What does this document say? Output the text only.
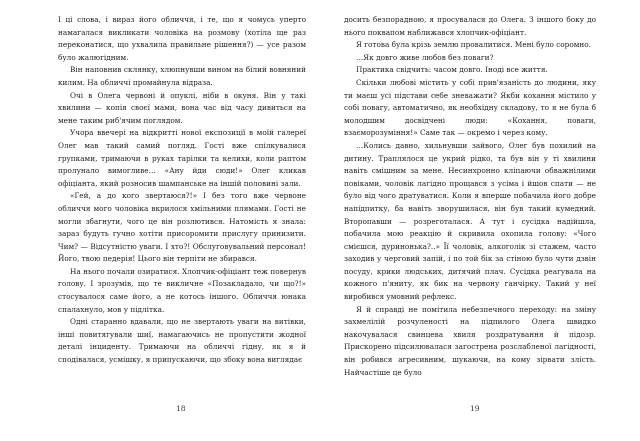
І ці слова, і вираз його обличчя, і те, що я чомусь уперто намагалася викликати чоловіка на розмову (хотіла ще раз переконатися, що ухвалила правильне рішення?) — усе разом було жалюгідним.

Він наповнив склянку, хлюпнувши вином на білий вовняний килим. На обличчі промайнула відраза.

Очі в Олега червоні й опуклі, ніби в окуня. Він у такі хвилини — копія своєї мами, вона час від часу дивиться на мене таким риб'ячим поглядом.

Учора ввечері на відкритті нової експозиції в моїй галереї Олег мав такий самий погляд. Гості вже спілкувалися групками, тримаючи в руках тарілки та келихи, коли раптом пролунало вимогливе… «Ану йди сюди!» Олег кликав офіціанта, який розносив шампанське на іншій половині зали.

«Гей, а до кого звертаюся?!» І без того вже червоне обличчя мого чоловіка вкрилося хмільними плямами. Гості не могли збагнути, чого це він розлютився. Натомість я знала: зараз будуть гучно хотіти присоромити прислугу принизити. Чим? — Відсутністю уваги. І хто?! Обслуговувальний персонал! Його, твою педерія! Цього він терпіти не збирався.

На нього почали озиратися. Хлопчик-офіціант теж повернув голову. І зрозумів, що те викличне «Позакладало, чи що?!» стосувалося саме його, а не котось іншого. Обличчя юнака спалахнуло, мов у підлітка.

Одні старанно вдавали, що не звертають уваги на витівки, інші повитягували шиї, намагаючись не пропустити жодної деталі інциденту. Тримаючи на обличчі гідну, як я й сподівалася, усмішку, я припускаючи, що збоку вона виглядає

18

досить безпорадною, я просувалася до Олега. З іншого боку до нього поквапом наближався хлопчик-офіціант.

Я готова була крізь землю провалитися. Мені було соромно.

…Як довго живе любов без поваги?

Практика свідчить: часом довго. Іноді все життя.

Скільки любові містить у собі прив'язаність до людини, яку ти маєш усі підстави себе зневажати? Якби кохання містило у собі повагу, автоматично, як необхідну складову, то я не була б молодшим досвідчені люди: «Кохання, поваги, взаєморозуміння!» Саме так — окремо і через кому.

…Колись давно, хильнувши зайвого, Олег був похилий на дитину. Траплялося це укрий рідко, та був він у ті хвилини навіть смішним за мене. Несинхронно кліпаючи обважнілими повіками, чоловік лагідно прощався з усіма і йшов спати — не було від чого дратуватися. Коли я вперше побачила його добре напідпитку, ба навіть зворушилася, він був такий кумедний. Второпавши — розреготалася. А тут і сусідка надійшла, побачила мою реакцію й скривила охопила голову: «Чого смієшся, дуринонька?..» Її чоловік, алкоголік зі стажем, часто заходив у черговий запій, і по той бік за стіною було чути дзвін посуду, крики людських, дитячий плач. Сусідка реагувала на кожного п'яниту, як бик на червону ганчірку. Такий у неї виробився умовний рефлекс.

Я й справді не помітила небезпечного переходу: на зміну захмелілій розчуленості на підпилого Олега швидко накочувалася свинцева хвиля роздратування й підозр. Прискорено підсилювалася загострена розслабленої лагідності, він робився агресивним, шукаючи, на кому зірвати злість. Найчастіше це було

19
